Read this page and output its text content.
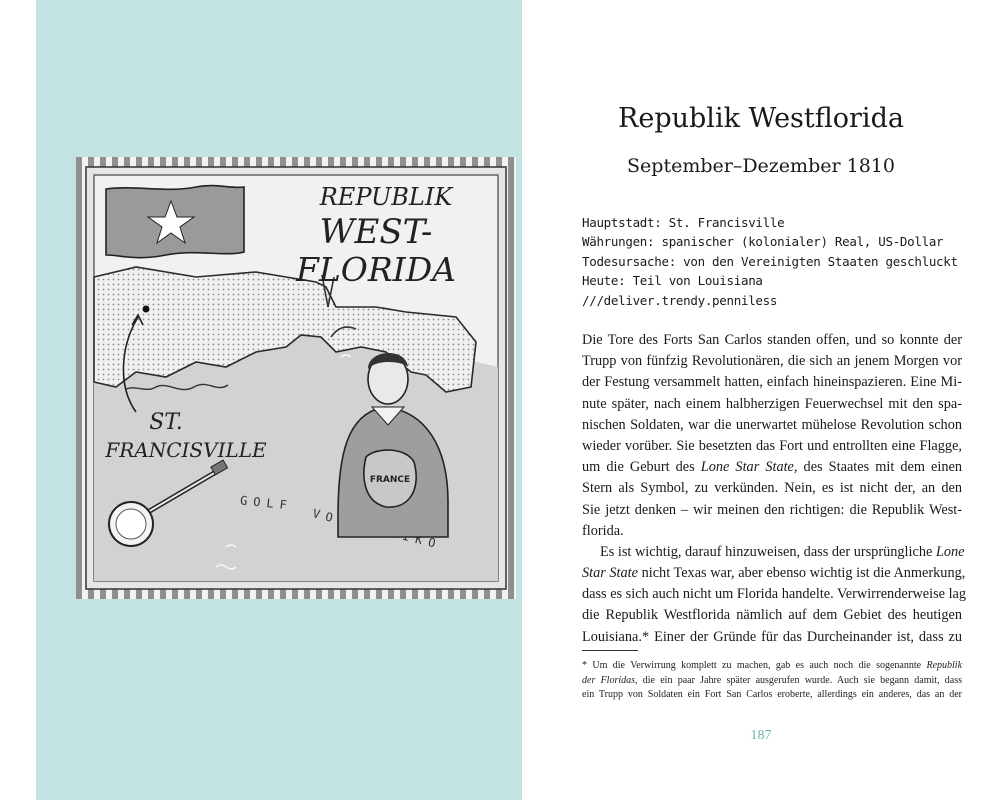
REPUBLIK
WEST-
FLORIDA
ST.
FRANCISVILLE
GOLF
VON
FRANCE
Republik Westflorida
September–Dezember 1810
Hauptstadt: St. Francisville
Währungen: spanischer (kolonialer) Real, US-Dollar
Todesursache: von den Vereinigten Staaten geschluckt
Heute: Teil von Louisiana
///deliver.trendy.penniless
Die Tore des Forts San Carlos standen offen, und so konnte der
Trupp von fünfzig Revolutionären, die sich an jenem Morgen vor
der Festung versammelt hatten, einfach hineinspazieren. Eine Mi-
nute später, nach einem halbherzigen Feuerwechsel mit den spa-
nischen Soldaten, war die unerwartet mühelose Revolution schon
wieder vorüber. Sie besetzten das Fort und entrollten eine Flagge,
um die Geburt des Lone Star State, des Staates mit dem einen
Stern als Symbol, zu verkünden. Nein, es ist nicht der, an den
Sie jetzt denken – wir meinen den richtigen: die Republik West-
florida.
Es ist wichtig, darauf hinzuweisen, dass der ursprüngliche Lone
Star State nicht Texas war, aber ebenso wichtig ist die Anmerkung,
dass es sich auch nicht um Florida handelte. Verwirrenderweise lag
die Republik Westflorida nämlich auf dem Gebiet des heutigen
Louisiana.* Einer der Gründe für das Durcheinander ist, dass zu
* Um die Verwirrung komplett zu machen, gab es auch noch die sogenannte Republik
der Floridas, die ein paar Jahre später ausgerufen wurde. Auch sie begann damit, dass
ein Trupp von Soldaten ein Fort San Carlos eroberte, allerdings ein anderes, das an der
187
